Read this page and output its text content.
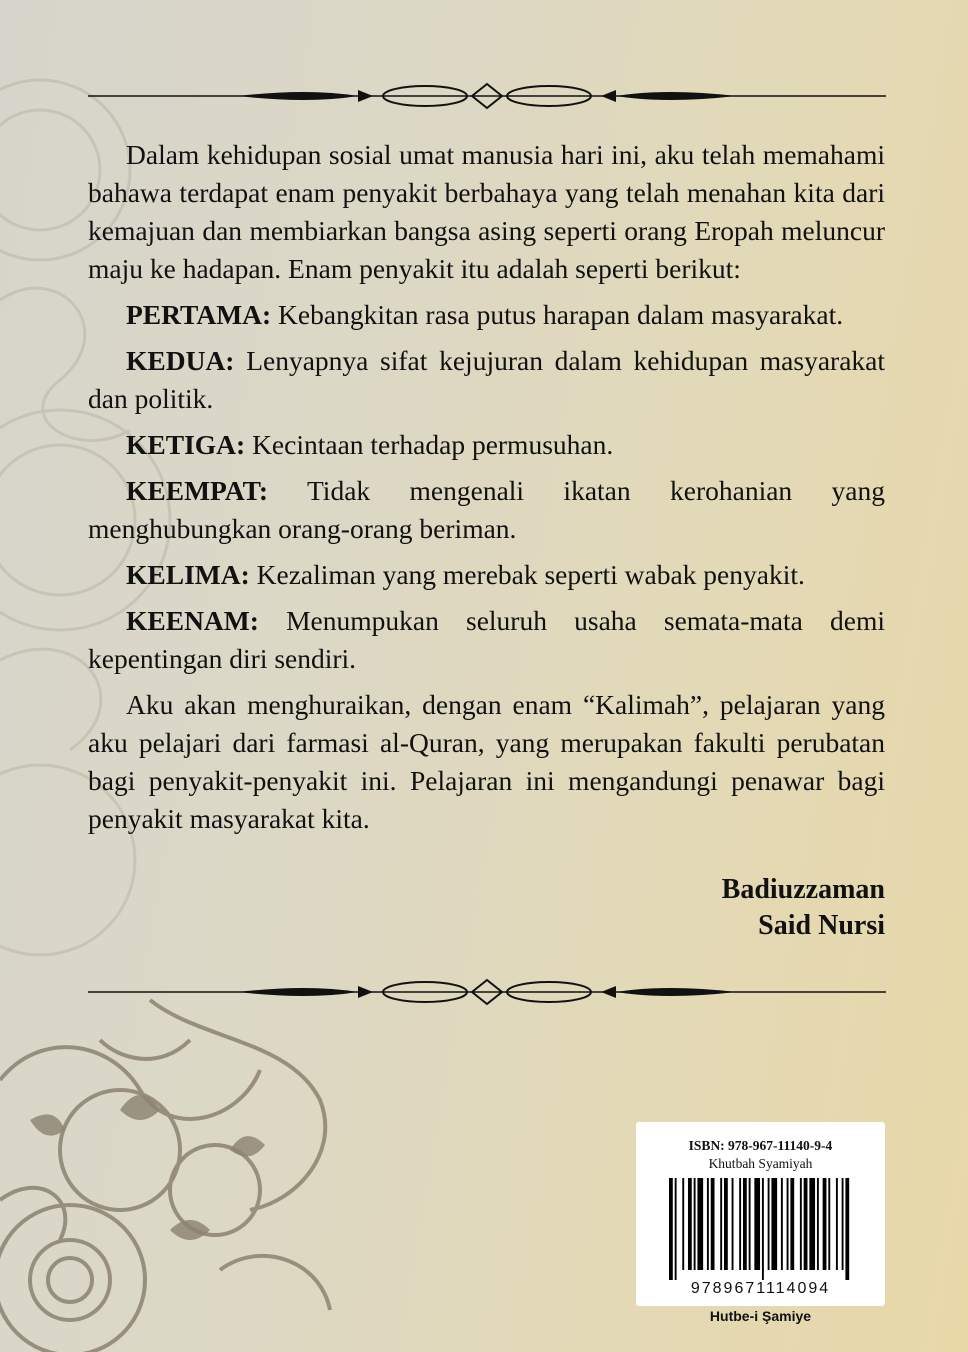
Dalam kehidupan sosial umat manusia hari ini, aku telah memahami bahawa terdapat enam penyakit berbahaya yang telah menahan kita dari kemajuan dan membiarkan bangsa asing seperti orang Eropah meluncur maju ke hadapan. Enam penyakit itu adalah seperti berikut:

PERTAMA: Kebangkitan rasa putus harapan dalam masyarakat.

KEDUA: Lenyapnya sifat kejujuran dalam kehidupan masyarakat dan politik.

KETIGA: Kecintaan terhadap permusuhan.

KEEMPAT: Tidak mengenali ikatan kerohanian yang menghubungkan orang-orang beriman.

KELIMA: Kezaliman yang merebak seperti wabak penyakit.

KEENAM: Menumpukan seluruh usaha semata-mata demi kepentingan diri sendiri.

Aku akan menghuraikan, dengan enam “Kalimah”, pelajaran yang aku pelajari dari farmasi al-Quran, yang merupakan fakulti perubatan bagi penyakit-penyakit ini. Pelajaran ini mengandungi penawar bagi penyakit masyarakat kita.

Badiuzzaman
Said Nursi
ISBN: 978-967-11140-9-4
Khutbah Syamiyah
9789671114094
Hutbe-i Şamiye
